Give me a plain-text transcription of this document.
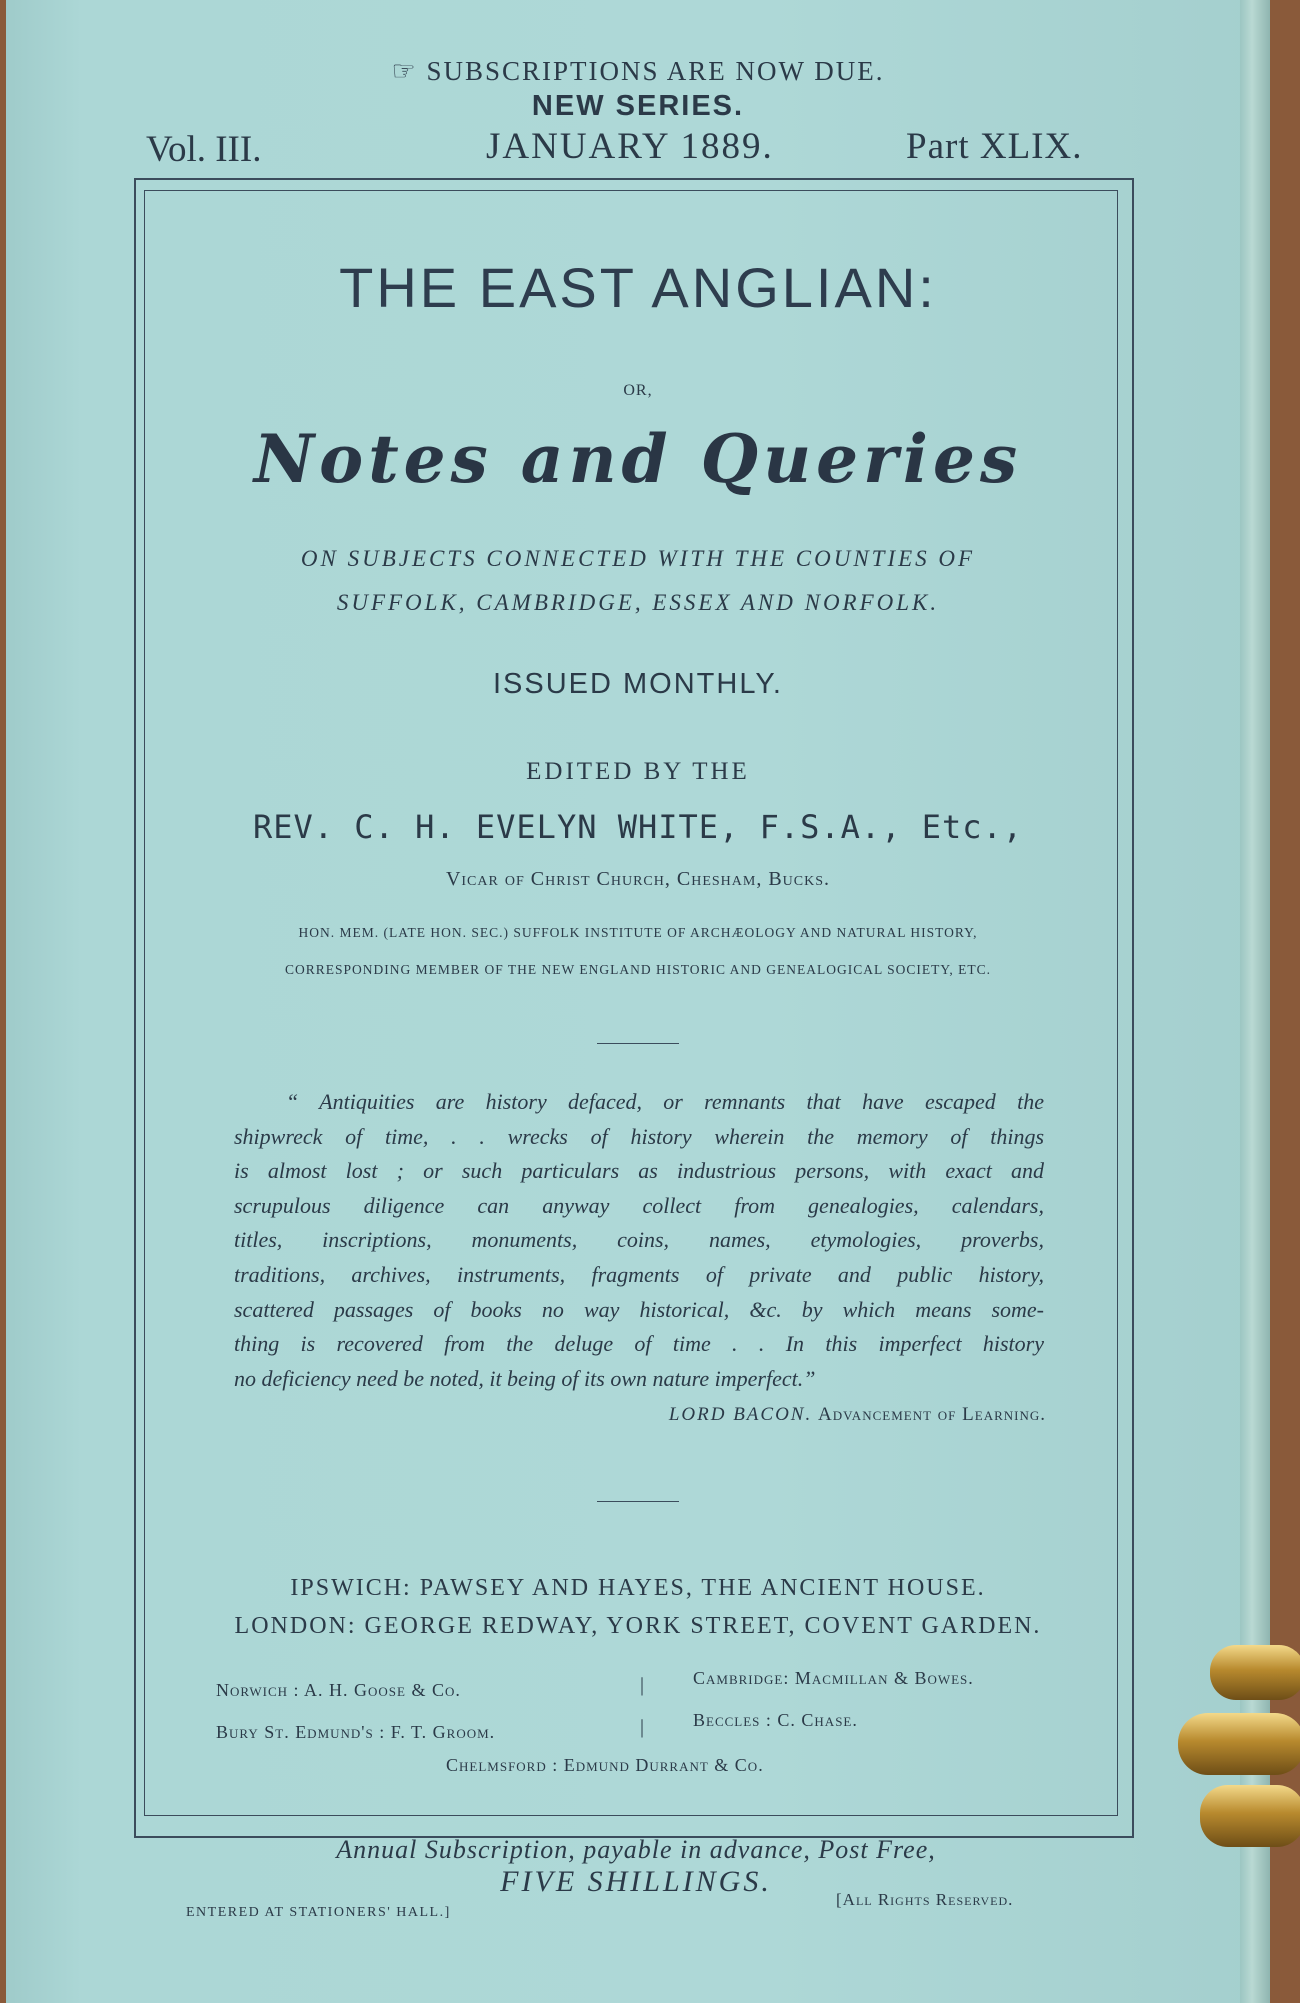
☞ SUBSCRIPTIONS ARE NOW DUE.
NEW SERIES.
Vol. III.	JANUARY 1889.	Part XLIX.
THE EAST ANGLIAN:
OR,
Notes and Queries
ON SUBJECTS CONNECTED WITH THE COUNTIES OF
SUFFOLK, CAMBRIDGE, ESSEX AND NORFOLK.
ISSUED MONTHLY.
EDITED BY THE
REV. C. H. EVELYN WHITE, F.S.A., Etc.,
Vicar of Christ Church, Chesham, Bucks.
HON. MEM. (LATE HON. SEC.) SUFFOLK INSTITUTE OF ARCHÆOLOGY AND NATURAL HISTORY,
CORRESPONDING MEMBER OF THE NEW ENGLAND HISTORIC AND GENEALOGICAL SOCIETY, ETC.
“ Antiquities are history defaced, or remnants that have escaped the
shipwreck of time, . . wrecks of history wherein the memory of things
is almost lost ; or such particulars as industrious persons, with exact and
scrupulous diligence can anyway collect from genealogies, calendars,
titles, inscriptions, monuments, coins, names, etymologies, proverbs,
traditions, archives, instruments, fragments of private and public history,
scattered passages of books no way historical, &c. by which means some-
thing is recovered from the deluge of time . . In this imperfect history
no deficiency need be noted, it being of its own nature imperfect.”
LORD BACON. Advancement of Learning.
IPSWICH: PAWSEY AND HAYES, THE ANCIENT HOUSE.
LONDON: GEORGE REDWAY, YORK STREET, COVENT GARDEN.
Norwich : A. H. Goose & Co.	|	Cambridge: Macmillan & Bowes.
Bury St. Edmund's : F. T. Groom.	|	Beccles : C. Chase.
Chelmsford : Edmund Durrant & Co.
Annual Subscription, payable in advance, Post Free,
FIVE SHILLINGS.
ENTERED AT STATIONERS' HALL.]
[All Rights Reserved.
